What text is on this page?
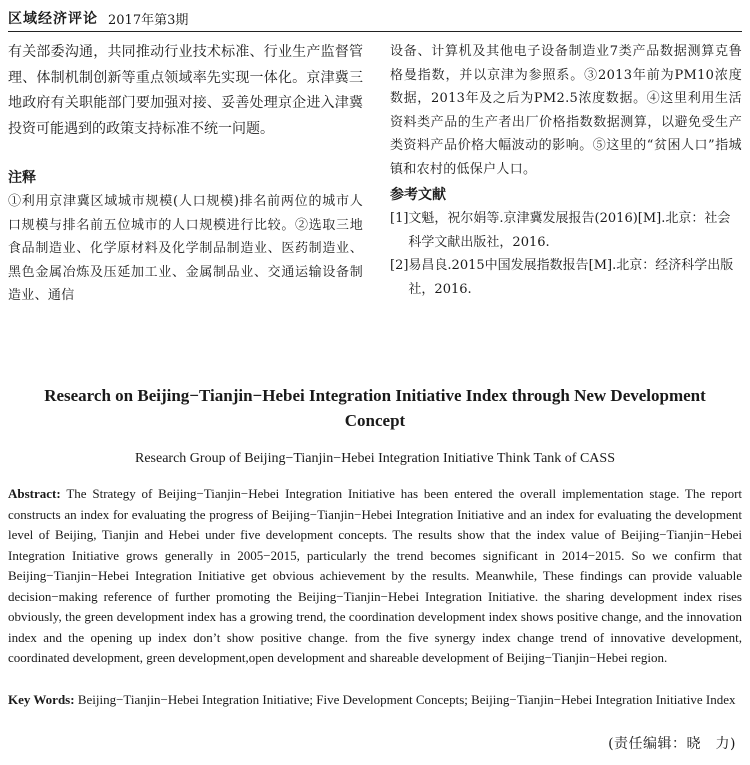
区域经济评论 2017年第3期

有关部委沟通，共同推动行业技术标准、行业生产监督管理、体制机制创新等重点领域率先实现一体化。京津冀三地政府有关职能部门要加强对接、妥善处理京企进入津冀投资可能遇到的政策支持标准不统一问题。

注释

①利用京津冀区域城市规模(人口规模)排名前两位的城市人口规模与排名前五位城市的人口规模进行比较。②选取三地食品制造业、化学原材料及化学制品制造业、医药制造业、黑色金属冶炼及压延加工业、金属制品业、交通运输设备制造业、通信

设备、计算机及其他电子设备制造业7类产品数据测算克鲁格曼指数，并以京津为参照系。③2013年前为PM10浓度数据，2013年及之后为PM2.5浓度数据。④这里利用生活资料类产品的生产者出厂价格指数数据测算，以避免受生产类资料产品价格大幅波动的影响。⑤这里的“贫困人口”指城镇和农村的低保户人口。

参考文献

[1] 文魁，祝尔娟等.京津冀发展报告(2016)[M].北京：社会科学文献出版社，2016.
[2] 易昌良.2015中国发展指数报告[M].北京：经济科学出版社，2016.
Research on Beijing−Tianjin−Hebei Integration Initiative Index through New Development Concept
Research Group of Beijing−Tianjin−Hebei Integration Initiative Think Tank of CASS

Abstract: The Strategy of Beijing−Tianjin−Hebei Integration Initiative has been entered the overall implementation stage. The report constructs an index for evaluating the progress of Beijing−Tianjin−Hebei Integration Initiative and an index for evaluating the development level of Beijing, Tianjin and Hebei under five development concepts. The results show that the index value of Beijing−Tianjin−Hebei Integration Initiative grows generally in 2005−2015, particularly the trend becomes significant in 2014−2015. So we confirm that Beijing−Tianjin−Hebei Integration Initiative get obvious achievement by the results. Meanwhile, These findings can provide valuable decision−making reference of further promoting the Beijing−Tianjin−Hebei Integration Initiative. the sharing development index rises obviously, the green development index has a growing trend, the coordination development index shows positive change, and the innovation index and the opening up index don’t show positive change. from the five synergy index change trend of innovative development, coordinated development, green development,open development and shareable development of Beijing−Tianjin−Hebei region.

Key Words: Beijing−Tianjin−Hebei Integration Initiative; Five Development Concepts; Beijing−Tianjin−Hebei Integration Initiative Index

(责任编辑：晓　力)
